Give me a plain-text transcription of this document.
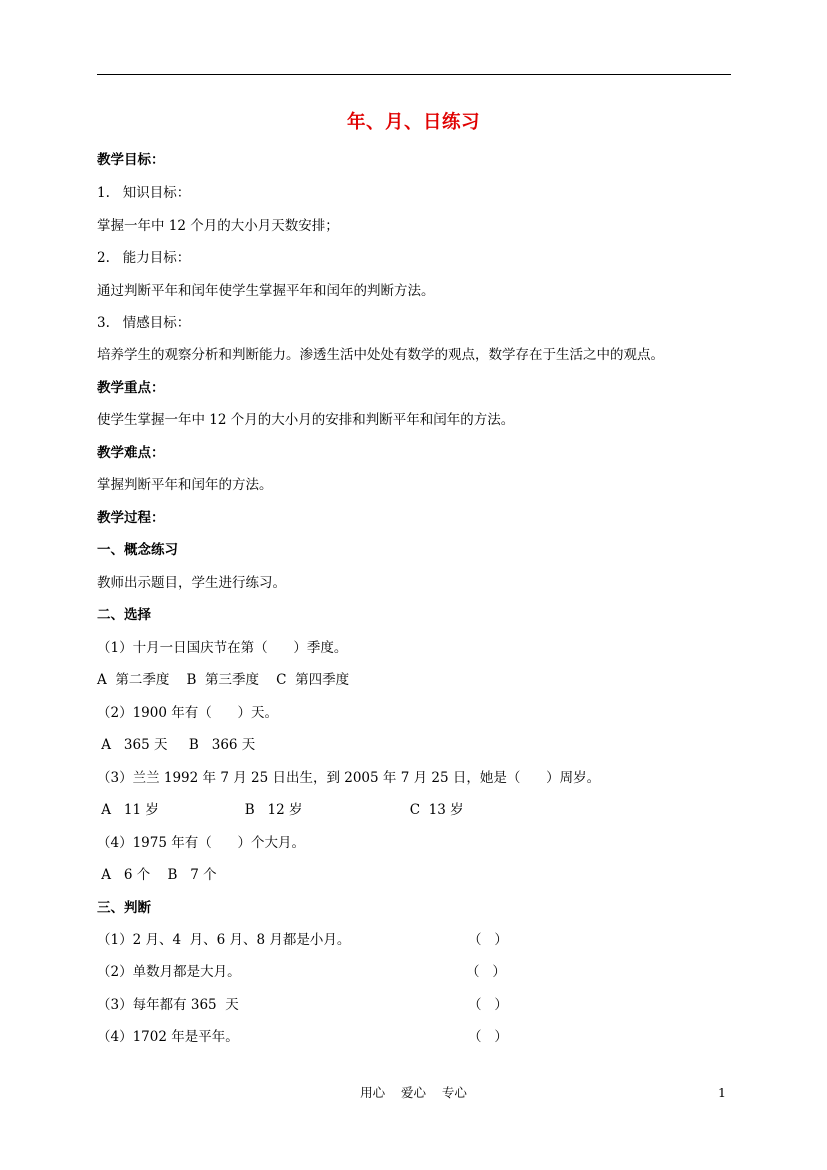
年、月、日练习
教学目标：
1.   知识目标：
掌握一年中 12 个月的大小月天数安排；
2.   能力目标：
通过判断平年和闰年使学生掌握平年和闰年的判断方法。
3.   情感目标：
培养学生的观察分析和判断能力。渗透生活中处处有数学的观点，数学存在于生活之中的观点。
教学重点：
使学生掌握一年中 12 个月的大小月的安排和判断平年和闰年的方法。
教学难点：
掌握判断平年和闰年的方法。
教学过程：
一、概念练习
教师出示题目，学生进行练习。
二、选择
（1）十月一日国庆节在第（      ）季度。
A  第二季度    B  第三季度    C  第四季度
（2）1900 年有（      ）天。
A   365 天     B   366 天
（3）兰兰 1992 年 7 月 25 日出生，到 2005 年 7 月 25 日，她是（      ）周岁。
A   11 岁                    B   12 岁                         C  13 岁
（4）1975 年有（      ）个大月。
A   6 个    B   7 个
三、判断
（1）2 月、4  月、6 月、8 月都是小月。
（2）单数月都是大月。
（3）每年都有 365  天
（4）1702 年是平年。
（   ）
（   ）
（   ）
（   ）
用心    爱心    专心	1
